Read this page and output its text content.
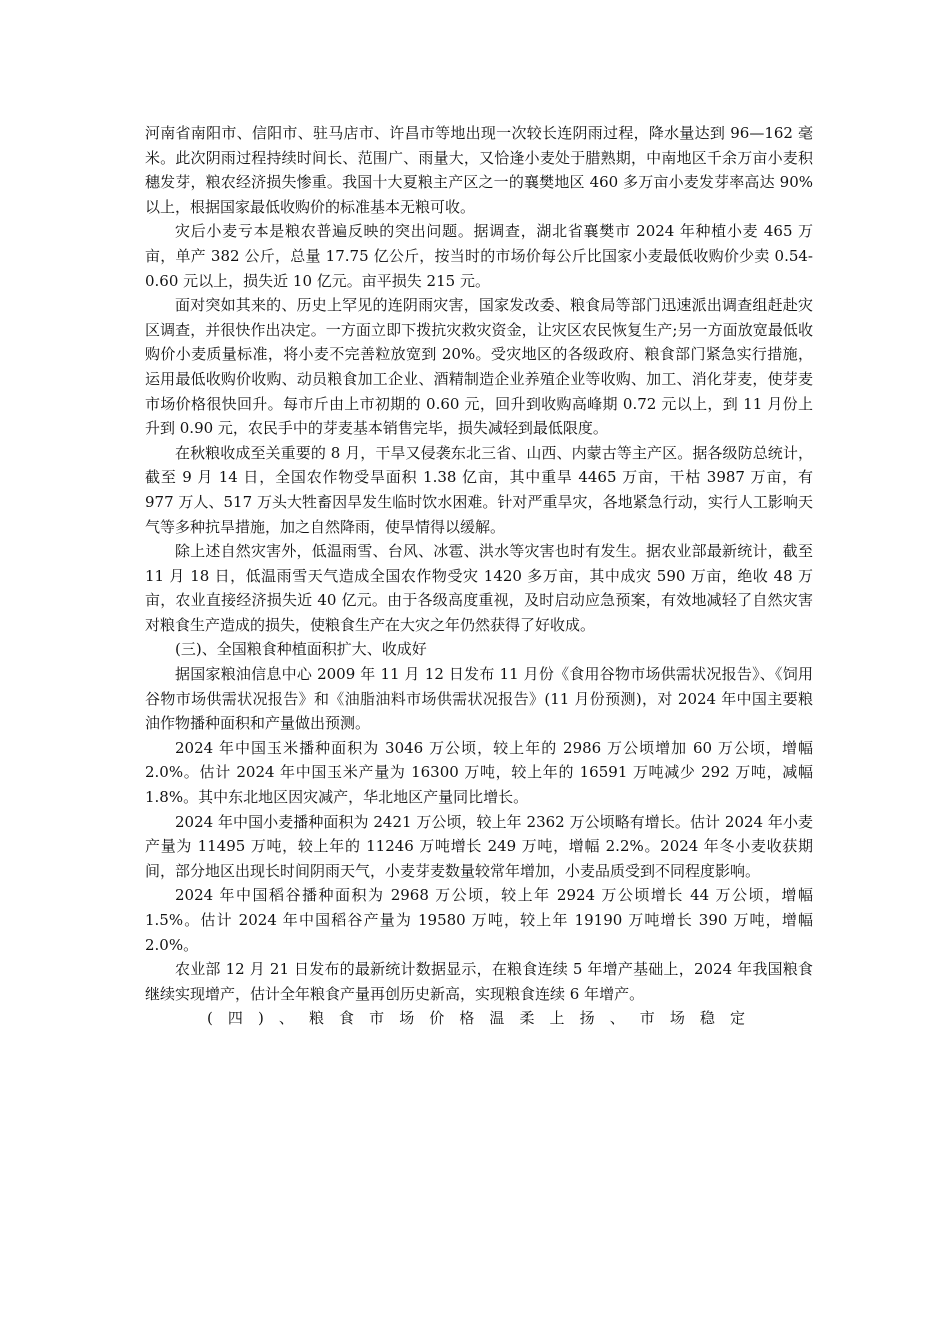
河南省南阳市、信阳市、驻马店市、许昌市等地出现一次较长连阴雨过程，降水量达到 96—162 毫米。此次阴雨过程持续时间长、范围广、雨量大，又恰逢小麦处于腊熟期，中南地区千余万亩小麦积穗发芽，粮农经济损失惨重。我国十大夏粮主产区之一的襄樊地区 460 多万亩小麦发芽率高达 90%以上，根据国家最低收购价的标准基本无粮可收。

灾后小麦亏本是粮农普遍反映的突出问题。据调查，湖北省襄樊市 2024 年种植小麦 465 万亩，单产 382 公斤，总量 17.75 亿公斤，按当时的市场价每公斤比国家小麦最低收购价少卖 0.54-0.60 元以上，损失近 10 亿元。亩平损失 215 元。

面对突如其来的、历史上罕见的连阴雨灾害，国家发改委、粮食局等部门迅速派出调查组赶赴灾区调查，并很快作出决定。一方面立即下拨抗灾救灾资金，让灾区农民恢复生产;另一方面放宽最低收购价小麦质量标准，将小麦不完善粒放宽到 20%。受灾地区的各级政府、粮食部门紧急实行措施，运用最低收购价收购、动员粮食加工企业、酒精制造企业养殖企业等收购、加工、消化芽麦，使芽麦市场价格很快回升。每市斤由上市初期的 0.60 元，回升到收购高峰期 0.72 元以上，到 11 月份上升到 0.90 元，农民手中的芽麦基本销售完毕，损失减轻到最低限度。

在秋粮收成至关重要的 8 月，干旱又侵袭东北三省、山西、内蒙古等主产区。据各级防总统计，截至 9 月 14 日，全国农作物受旱面积 1.38 亿亩，其中重旱 4465 万亩，干枯 3987 万亩，有 977 万人、517 万头大牲畜因旱发生临时饮水困难。针对严重旱灾，各地紧急行动，实行人工影响天气等多种抗旱措施，加之自然降雨，使旱情得以缓解。

除上述自然灾害外，低温雨雪、台风、冰雹、洪水等灾害也时有发生。据农业部最新统计，截至 11 月 18 日，低温雨雪天气造成全国农作物受灾 1420 多万亩，其中成灾 590 万亩，绝收 48 万亩，农业直接经济损失近 40 亿元。由于各级高度重视，及时启动应急预案，有效地减轻了自然灾害对粮食生产造成的损失，使粮食生产在大灾之年仍然获得了好收成。

(三)、全国粮食种植面积扩大、收成好

据国家粮油信息中心 2009 年 11 月 12 日发布 11 月份《食用谷物市场供需状况报告》、《饲用谷物市场供需状况报告》和《油脂油料市场供需状况报告》(11 月份预测)，对 2024 年中国主要粮油作物播种面积和产量做出预测。

2024 年中国玉米播种面积为 3046 万公顷，较上年的 2986 万公顷增加 60 万公顷，增幅 2.0%。估计 2024 年中国玉米产量为 16300 万吨，较上年的 16591 万吨减少 292 万吨，减幅 1.8%。其中东北地区因灾减产，华北地区产量同比增长。

2024 年中国小麦播种面积为 2421 万公顷，较上年 2362 万公顷略有增长。估计 2024 年小麦产量为 11495 万吨，较上年的 11246 万吨增长 249 万吨，增幅 2.2%。2024 年冬小麦收获期间，部分地区出现长时间阴雨天气，小麦芽麦数量较常年增加，小麦品质受到不同程度影响。

2024 年中国稻谷播种面积为 2968 万公顷，较上年 2924 万公顷增长 44 万公顷，增幅 1.5%。估计 2024 年中国稻谷产量为 19580 万吨，较上年 19190 万吨增长 390 万吨，增幅 2.0%。

农业部 12 月 21 日发布的最新统计数据显示，在粮食连续 5 年增产基础上，2024 年我国粮食继续实现增产，估计全年粮食产量再创历史新高，实现粮食连续 6 年增产。

(四)、粮食市场价格温柔上扬、市场稳定
